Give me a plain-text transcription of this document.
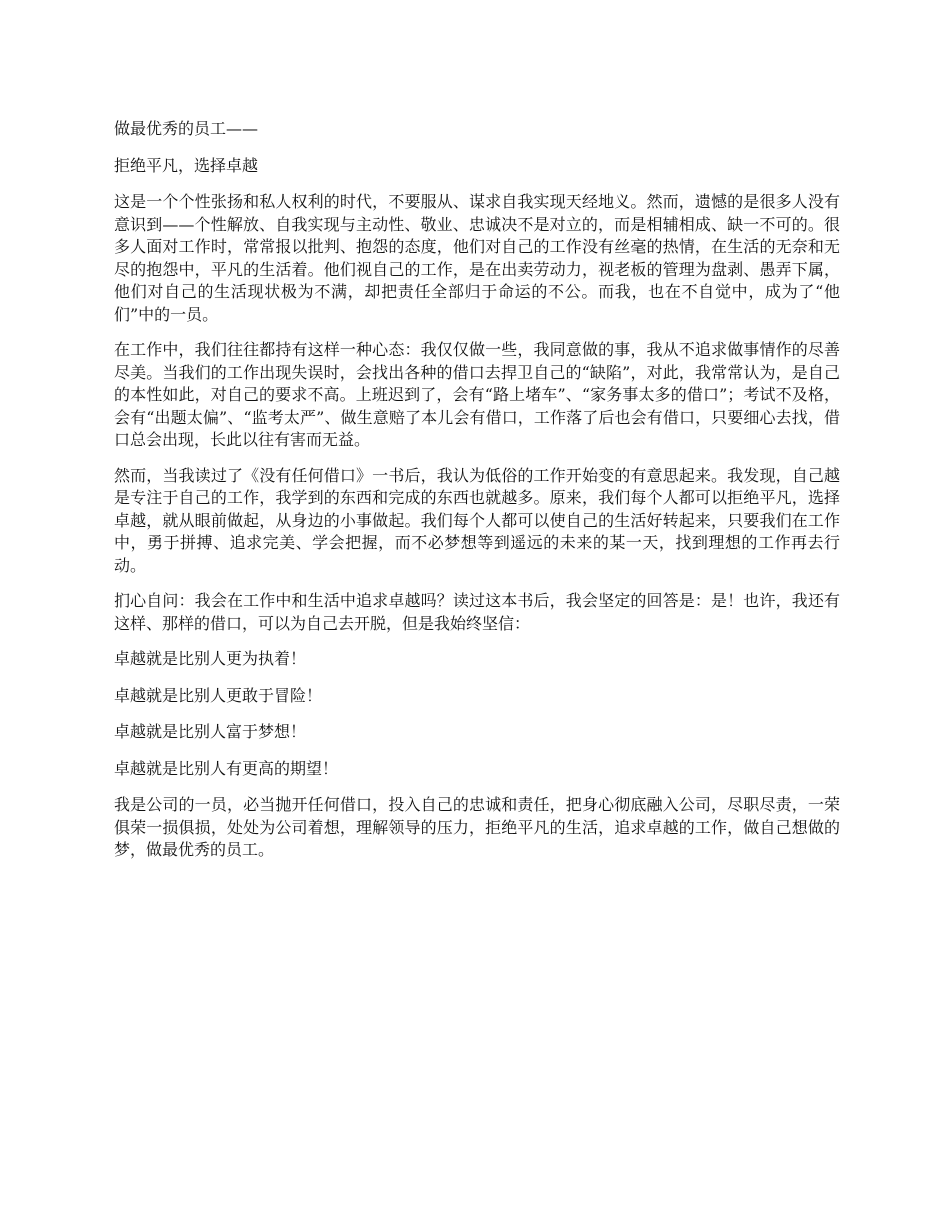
做最优秀的员工——

拒绝平凡，选择卓越

这是一个个性张扬和私人权利的时代，不要服从、谋求自我实现天经地义。然而，遗憾的是很多人没有意识到——个性解放、自我实现与主动性、敬业、忠诚决不是对立的，而是相辅相成、缺一不可的。很多人面对工作时，常常报以批判、抱怨的态度，他们对自己的工作没有丝毫的热情，在生活的无奈和无尽的抱怨中，平凡的生活着。他们视自己的工作，是在出卖劳动力，视老板的管理为盘剥、愚弄下属，他们对自己的生活现状极为不满，却把责任全部归于命运的不公。而我，也在不自觉中，成为了“他们”中的一员。

在工作中，我们往往都持有这样一种心态：我仅仅做一些，我同意做的事，我从不追求做事情作的尽善尽美。当我们的工作出现失误时，会找出各种的借口去捍卫自己的“缺陷”，对此，我常常认为，是自己的本性如此，对自己的要求不高。上班迟到了，会有“路上堵车”、“家务事太多的借口”；考试不及格，会有“出题太偏”、“监考太严”、做生意赔了本儿会有借口，工作落了后也会有借口，只要细心去找，借口总会出现，长此以往有害而无益。

然而，当我读过了《没有任何借口》一书后，我认为低俗的工作开始变的有意思起来。我发现，自己越是专注于自己的工作，我学到的东西和完成的东西也就越多。原来，我们每个人都可以拒绝平凡，选择卓越，就从眼前做起，从身边的小事做起。我们每个人都可以使自己的生活好转起来，只要我们在工作中，勇于拼搏、追求完美、学会把握，而不必梦想等到遥远的未来的某一天，找到理想的工作再去行动。

扪心自问：我会在工作中和生活中追求卓越吗？读过这本书后，我会坚定的回答是：是！也许，我还有这样、那样的借口，可以为自己去开脱，但是我始终坚信：

卓越就是比别人更为执着！

卓越就是比别人更敢于冒险！

卓越就是比别人富于梦想！

卓越就是比别人有更高的期望！

我是公司的一员，必当抛开任何借口，投入自己的忠诚和责任，把身心彻底融入公司，尽职尽责，一荣俱荣一损俱损，处处为公司着想，理解领导的压力，拒绝平凡的生活，追求卓越的工作，做自己想做的梦，做最优秀的员工。
